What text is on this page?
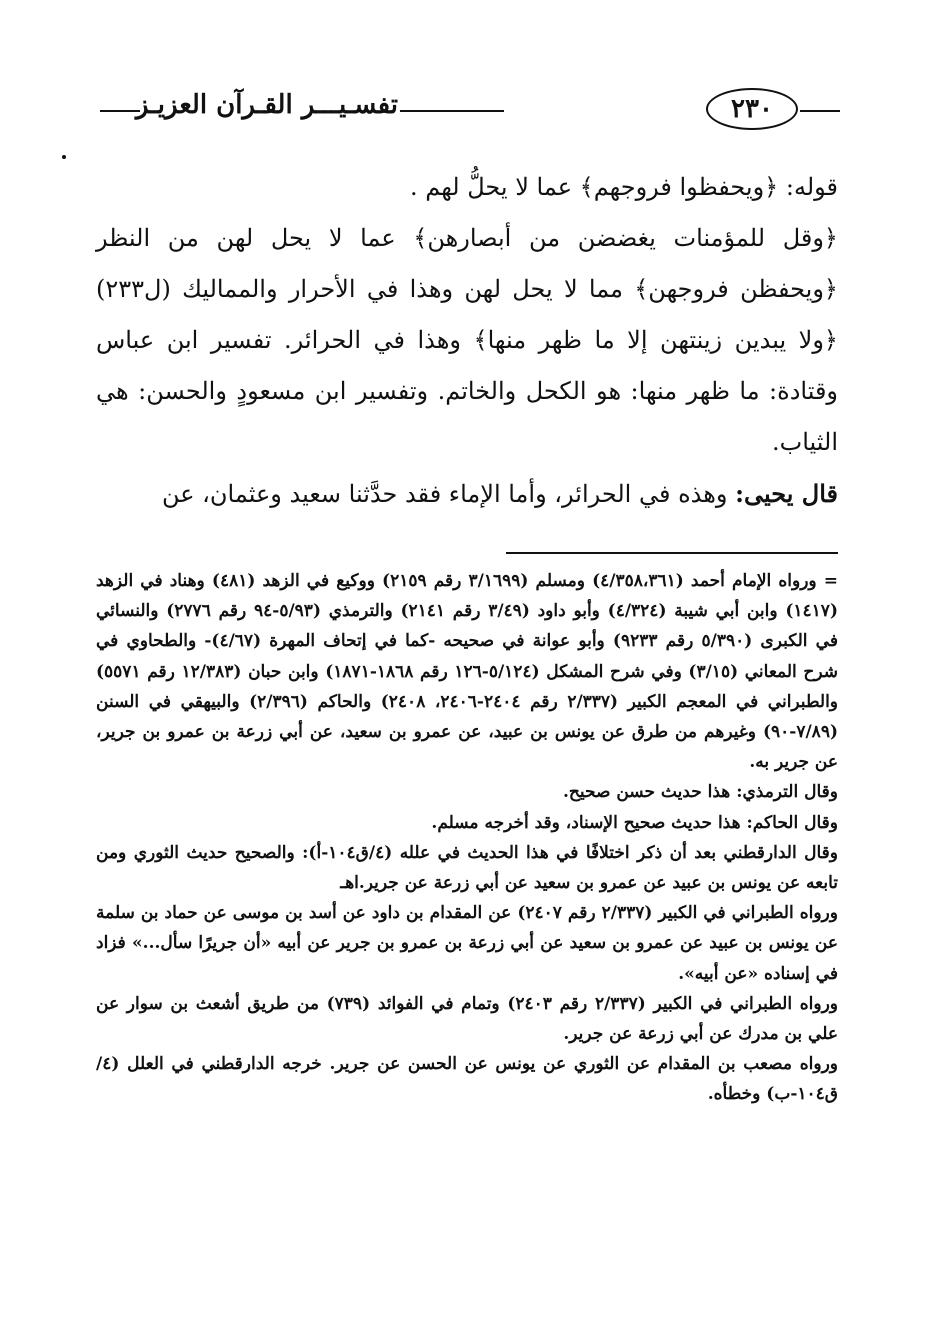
تفسـيـــر القـرآن العزيـز	٢٣٠

قوله: ﴿ويحفظوا فروجهم﴾ عما لا يحلُّ لهم .

﴿وقل للمؤمنات يغضضن من أبصارهن﴾ عما لا يحل لهن من النظر ﴿ويحفظن فروجهن﴾ مما لا يحل لهن وهذا في الأحرار والمماليك (ل٢٣٣) ﴿ولا يبدين زينتهن إلا ما ظهر منها﴾ وهذا في الحرائر. تفسير ابن عباس وقتادة: ما ظهر منها: هو الكحل والخاتم. وتفسير ابن مسعودٍ والحسن: هي الثياب.

قال يحيى: وهذه في الحرائر، وأما الإماء فقد حدَّثنا سعيد وعثمان، عن

= ورواه الإمام أحمد (٤/٣٥٨،٣٦١) ومسلم (٣/١٦٩٩ رقم ٢١٥٩) ووكيع في الزهد (٤٨١) وهناد في الزهد (١٤١٧) وابن أبي شيبة (٤/٣٢٤) وأبو داود (٣/٤٩ رقم ٢١٤١) والترمذي (٥/٩٣-٩٤ رقم ٢٧٧٦) والنسائي في الكبرى (٥/٣٩٠ رقم ٩٢٣٣) وأبو عوانة في صحيحه -كما في إتحاف المهرة (٤/٦٧)- والطحاوي في شرح المعاني (٣/١٥) وفي شرح المشكل (٥/١٢٤-١٢٦ رقم ١٨٦٨-١٨٧١) وابن حبان (١٢/٣٨٣ رقم ٥٥٧١) والطبراني في المعجم الكبير (٢/٣٣٧ رقم ٢٤٠٤-٢٤٠٦، ٢٤٠٨) والحاكم (٢/٣٩٦) والبيهقي في السنن (٧/٨٩-٩٠) وغيرهم من طرق عن يونس بن عبيد، عن عمرو بن سعيد، عن أبي زرعة بن عمرو بن جرير، عن جرير به.

وقال الترمذي: هذا حديث حسن صحيح.

وقال الحاكم: هذا حديث صحيح الإسناد، وقد أخرجه مسلم.

وقال الدارقطني بعد أن ذكر اختلافًا في هذا الحديث في علله (٤/ق١٠٤-أ): والصحيح حديث الثوري ومن تابعه عن يونس بن عبيد عن عمرو بن سعيد عن أبي زرعة عن جرير.اهـ

ورواه الطبراني في الكبير (٢/٣٣٧ رقم ٢٤٠٧) عن المقدام بن داود عن أسد بن موسى عن حماد بن سلمة عن يونس بن عبيد عن عمرو بن سعيد عن أبي زرعة بن عمرو بن جرير عن أبيه «أن جريرًا سأل...» فزاد في إسناده «عن أبيه».

ورواه الطبراني في الكبير (٢/٣٣٧ رقم ٢٤٠٣) وتمام في الفوائد (٧٣٩) من طريق أشعث بن سوار عن علي بن مدرك عن أبي زرعة عن جرير.

ورواه مصعب بن المقدام عن الثوري عن يونس عن الحسن عن جرير. خرجه الدارقطني في العلل (٤/ق١٠٤-ب) وخطأه.
